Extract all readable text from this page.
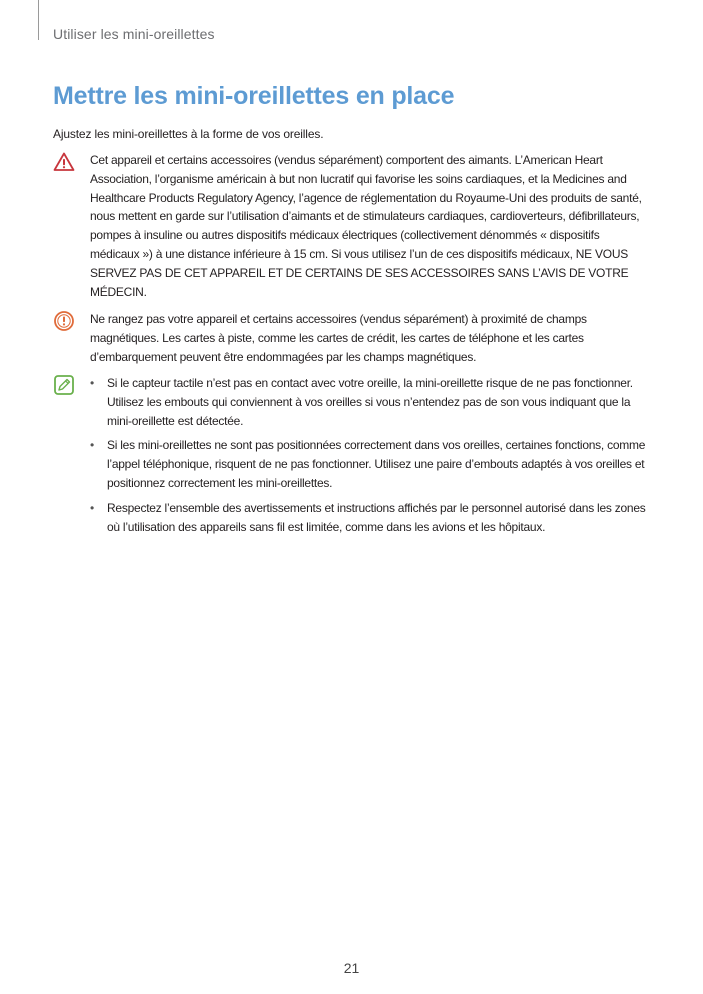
Utiliser les mini-oreillettes
Mettre les mini-oreillettes en place
Ajustez les mini-oreillettes à la forme de vos oreilles.
Cet appareil et certains accessoires (vendus séparément) comportent des aimants. L’American Heart Association, l’organisme américain à but non lucratif qui favorise les soins cardiaques, et la Medicines and Healthcare Products Regulatory Agency, l’agence de réglementation du Royaume-Uni des produits de santé, nous mettent en garde sur l’utilisation d’aimants et de stimulateurs cardiaques, cardioverteurs, défibrillateurs, pompes à insuline ou autres dispositifs médicaux électriques (collectivement dénommés « dispositifs médicaux ») à une distance inférieure à 15 cm. Si vous utilisez l’un de ces dispositifs médicaux, NE VOUS SERVEZ PAS DE CET APPAREIL ET DE CERTAINS DE SES ACCESSOIRES SANS L’AVIS DE VOTRE MÉDECIN.
Ne rangez pas votre appareil et certains accessoires (vendus séparément) à proximité de champs magnétiques. Les cartes à piste, comme les cartes de crédit, les cartes de téléphone et les cartes d’embarquement peuvent être endommagées par les champs magnétiques.
• Si le capteur tactile n’est pas en contact avec votre oreille, la mini-oreillette risque de ne pas fonctionner. Utilisez les embouts qui conviennent à vos oreilles si vous n’entendez pas de son vous indiquant que la mini-oreillette est détectée.
• Si les mini-oreillettes ne sont pas positionnées correctement dans vos oreilles, certaines fonctions, comme l’appel téléphonique, risquent de ne pas fonctionner. Utilisez une paire d’embouts adaptés à vos oreilles et positionnez correctement les mini-oreillettes.
• Respectez l’ensemble des avertissements et instructions affichés par le personnel autorisé dans les zones où l’utilisation des appareils sans fil est limitée, comme dans les avions et les hôpitaux.
21
